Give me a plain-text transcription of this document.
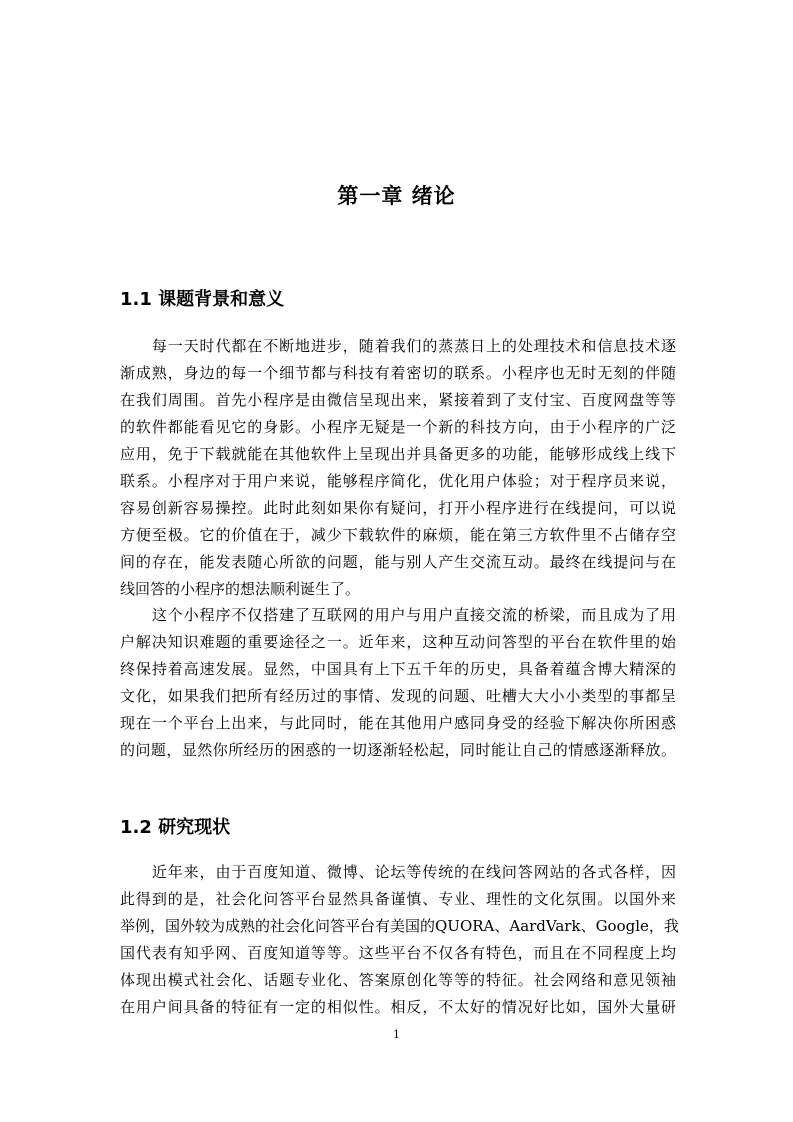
第一章 绪论
1.1 课题背景和意义
　　每一天时代都在不断地进步，随着我们的蒸蒸日上的处理技术和信息技术逐
渐成熟，身边的每一个细节都与科技有着密切的联系。小程序也无时无刻的伴随
在我们周围。首先小程序是由微信呈现出来，紧接着到了支付宝、百度网盘等等
的软件都能看见它的身影。小程序无疑是一个新的科技方向，由于小程序的广泛
应用，免于下载就能在其他软件上呈现出并具备更多的功能，能够形成线上线下
联系。小程序对于用户来说，能够程序简化，优化用户体验；对于程序员来说，
容易创新容易操控。此时此刻如果你有疑问，打开小程序进行在线提问，可以说
方便至极。它的价值在于，减少下载软件的麻烦，能在第三方软件里不占储存空
间的存在，能发表随心所欲的问题，能与别人产生交流互动。最终在线提问与在
线回答的小程序的想法顺利诞生了。
　　这个小程序不仅搭建了互联网的用户与用户直接交流的桥梁，而且成为了用
户解决知识难题的重要途径之一。近年来，这种互动问答型的平台在软件里的始
终保持着高速发展。显然，中国具有上下五千年的历史，具备着蕴含博大精深的
文化，如果我们把所有经历过的事情、发现的问题、吐槽大大小小类型的事都呈
现在一个平台上出来，与此同时，能在其他用户感同身受的经验下解决你所困惑
的问题，显然你所经历的困惑的一切逐渐轻松起，同时能让自己的情感逐渐释放。
1.2 研究现状
　　近年来，由于百度知道、微博、论坛等传统的在线问答网站的各式各样，因
此得到的是，社会化问答平台显然具备谨慎、专业、理性的文化氛围。以国外来
举例，国外较为成熟的社会化问答平台有美国的QUORA、AardVark、Google，我
国代表有知乎网、百度知道等等。这些平台不仅各有特色，而且在不同程度上均
体现出模式社会化、话题专业化、答案原创化等等的特征。社会网络和意见领袖
在用户间具备的特征有一定的相似性。相反，不太好的情况好比如，国外大量研
1
